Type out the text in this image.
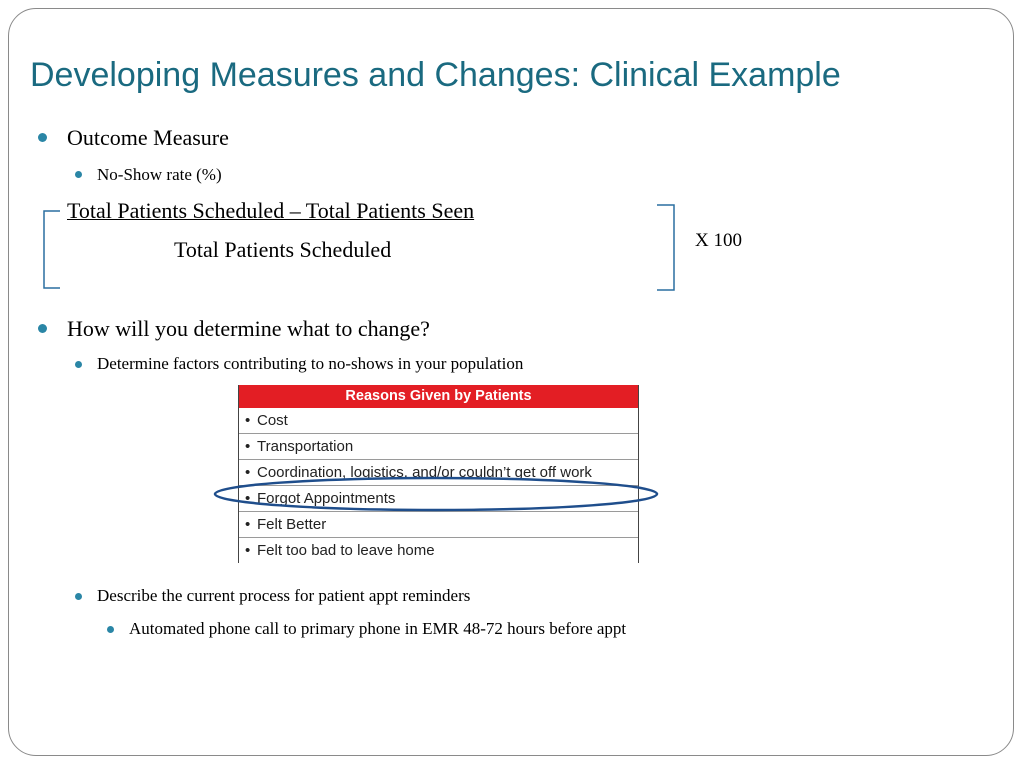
Developing Measures and Changes: Clinical Example
Outcome Measure
No-Show rate (%)
Total Patients Scheduled – Total Patients Seen
Total Patients Scheduled	X 100
How will you determine what to change?
Determine factors contributing to no-shows in your population
Reasons Given by Patients
• Cost
• Transportation
• Coordination, logistics, and/or couldn’t get off work
• Forgot Appointments
• Felt Better
• Felt too bad to leave home
Describe the current process for patient appt reminders
Automated phone call to primary phone in EMR 48-72 hours before appt
